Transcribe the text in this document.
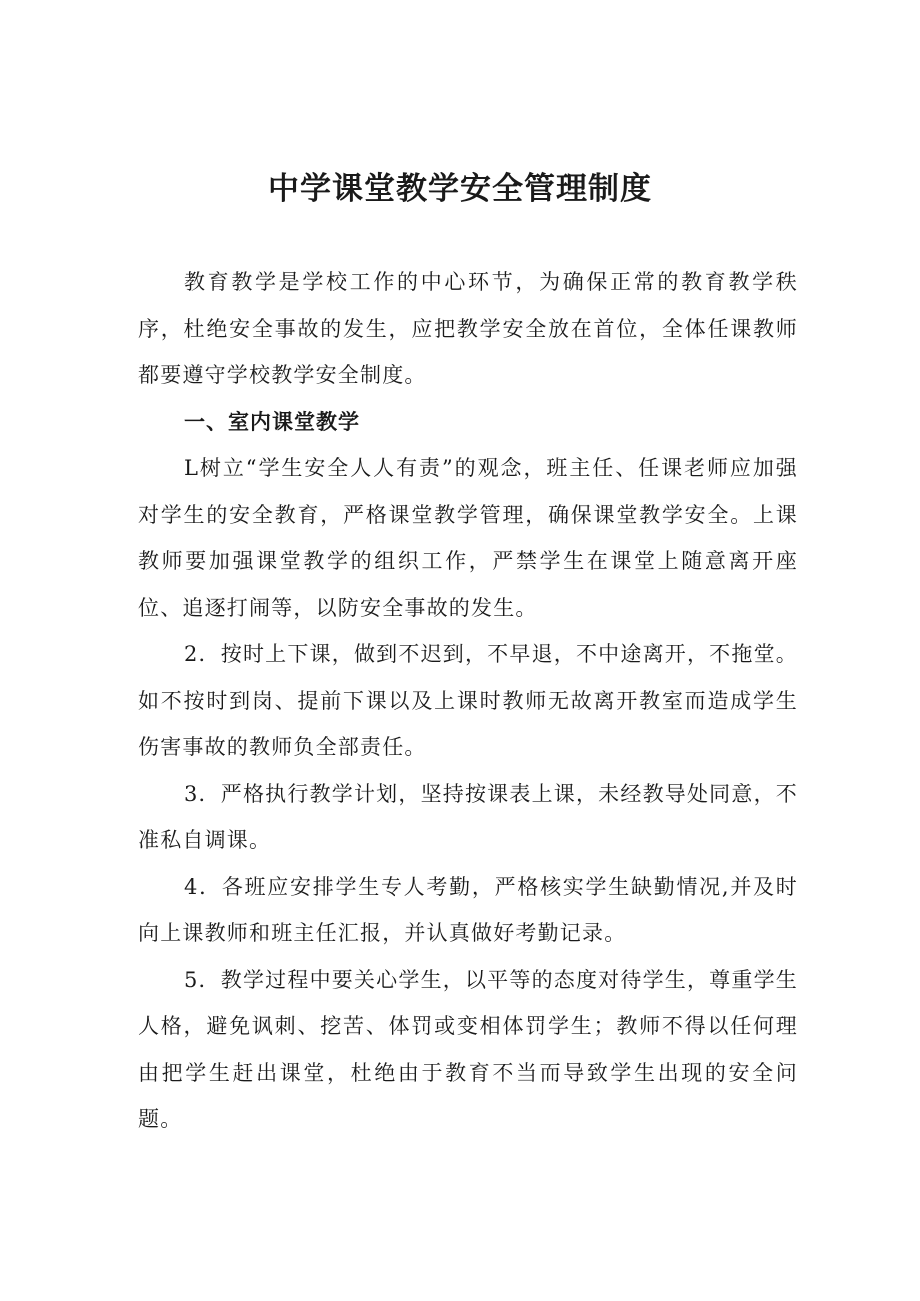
中学课堂教学安全管理制度

教育教学是学校工作的中心环节，为确保正常的教育教学秩序，杜绝安全事故的发生，应把教学安全放在首位，全体任课教师都要遵守学校教学安全制度。

一、室内课堂教学

L树立“学生安全人人有责”的观念，班主任、任课老师应加强对学生的安全教育，严格课堂教学管理，确保课堂教学安全。上课教师要加强课堂教学的组织工作，严禁学生在课堂上随意离开座位、追逐打闹等，以防安全事故的发生。

2．按时上下课，做到不迟到，不早退，不中途离开，不拖堂。如不按时到岗、提前下课以及上课时教师无故离开教室而造成学生伤害事故的教师负全部责任。

3．严格执行教学计划，坚持按课表上课，未经教导处同意，不准私自调课。

4．各班应安排学生专人考勤，严格核实学生缺勤情况,并及时向上课教师和班主任汇报，并认真做好考勤记录。

5．教学过程中要关心学生，以平等的态度对待学生，尊重学生人格，避免讽刺、挖苦、体罚或变相体罚学生；教师不得以任何理由把学生赶出课堂，杜绝由于教育不当而导致学生出现的安全问题。
